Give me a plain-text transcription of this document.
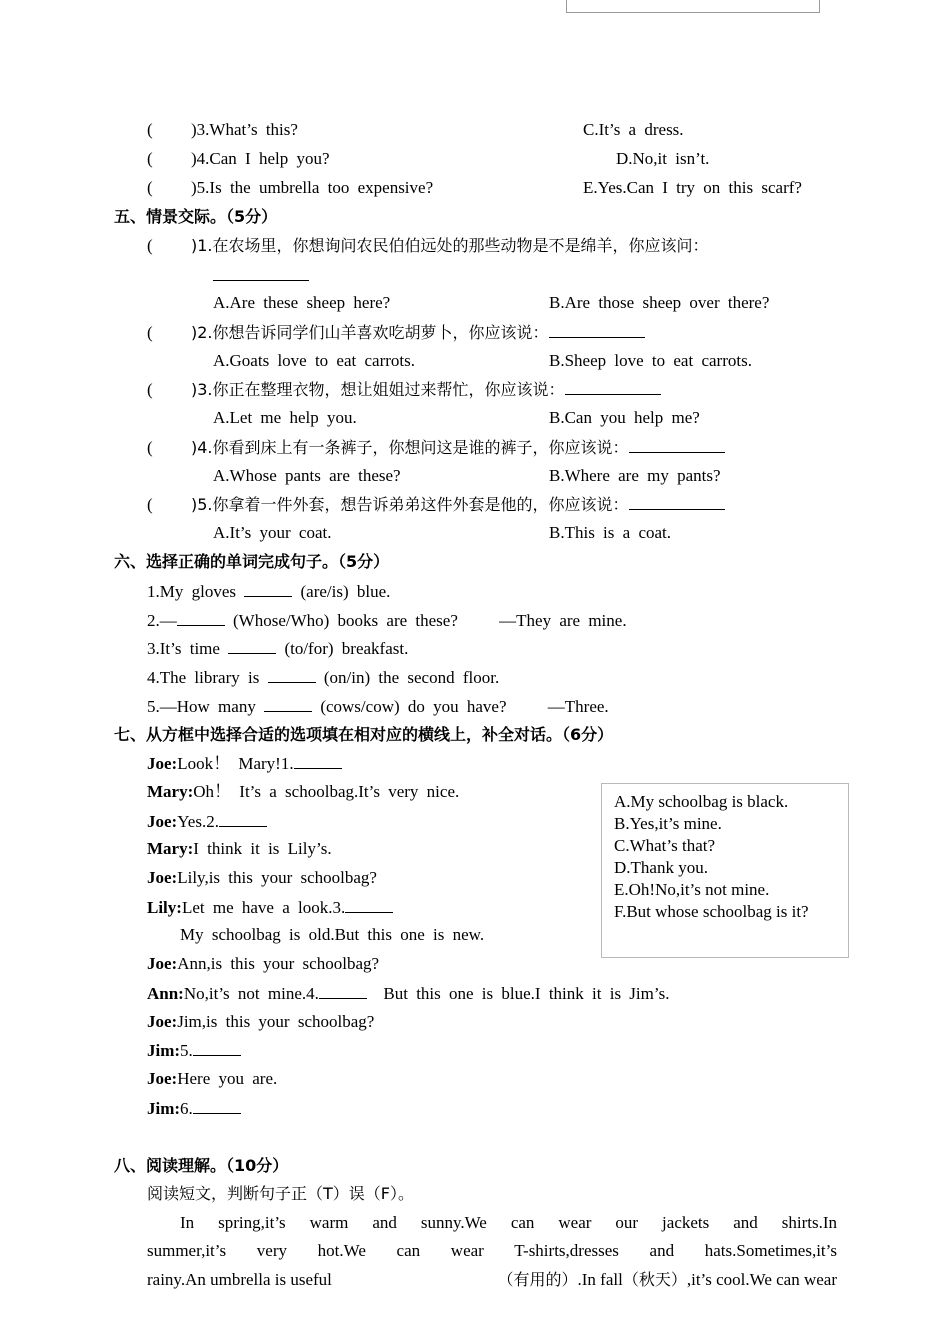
( )3.What’s this?	C.It’s a dress.
( )4.Can I help you?	D.No,it isn’t.
( )5.Is the umbrella too expensive?	E.Yes.Can I try on this scarf?
五、情景交际。（5分）
( )1.在农场里，你想询问农民伯伯远处的那些动物是不是绵羊，你应该问：
A.Are these sheep here?	B.Are those sheep over there?
( )2.你想告诉同学们山羊喜欢吃胡萝卜，你应该说：
A.Goats love to eat carrots.	B.Sheep love to eat carrots.
( )3.你正在整理衣物，想让姐姐过来帮忙，你应该说：
A.Let me help you.	B.Can you help me?
( )4.你看到床上有一条裤子，你想问这是谁的裤子，你应该说：
A.Whose pants are these?	B.Where are my pants?
( )5.你拿着一件外套，想告诉弟弟这件外套是他的，你应该说：
A.It’s your coat.	B.This is a coat.
六、选择正确的单词完成句子。（5分）
1.My gloves	(are/is) blue.
2.—	(Whose/Who) books are these? —They are mine.
3.It’s time	(to/for) breakfast.
4.The library is	(on/in) the second floor.
5.—How many	(cows/cow) do you have? —Three.
七、从方框中选择合适的选项填在相对应的横线上，补全对话。（6分）
Joe:Look！ Mary!1.
Mary:Oh！ It’s a schoolbag.It’s very nice.
Joe:Yes.2.
Mary:I think it is Lily’s.
Joe:Lily,is this your schoolbag?
Lily:Let me have a look.3.
My schoolbag is old.But this one is new.
Joe:Ann,is this your schoolbag?
Ann:No,it’s not mine.4.	But this one is blue.I think it is Jim’s.
Joe:Jim,is this your schoolbag?
Jim:5.
Joe:Here you are.
Jim:6.
A.My schoolbag is black.
B.Yes,it’s mine.
C.What’s that?
D.Thank you.
E.Oh!No,it’s not mine.
F.But whose schoolbag is it?
八、阅读理解。（10分）
阅读短文，判断句子正（T）误（F）。
In spring,it’s warm and sunny.We can wear our jackets and shirts.In
summer,it’s very hot.We can wear T-shirts,dresses and hats.Sometimes,it’s
rainy.An umbrella is useful	（有用的）.In fall（秋天）,it’s cool.We can wear
